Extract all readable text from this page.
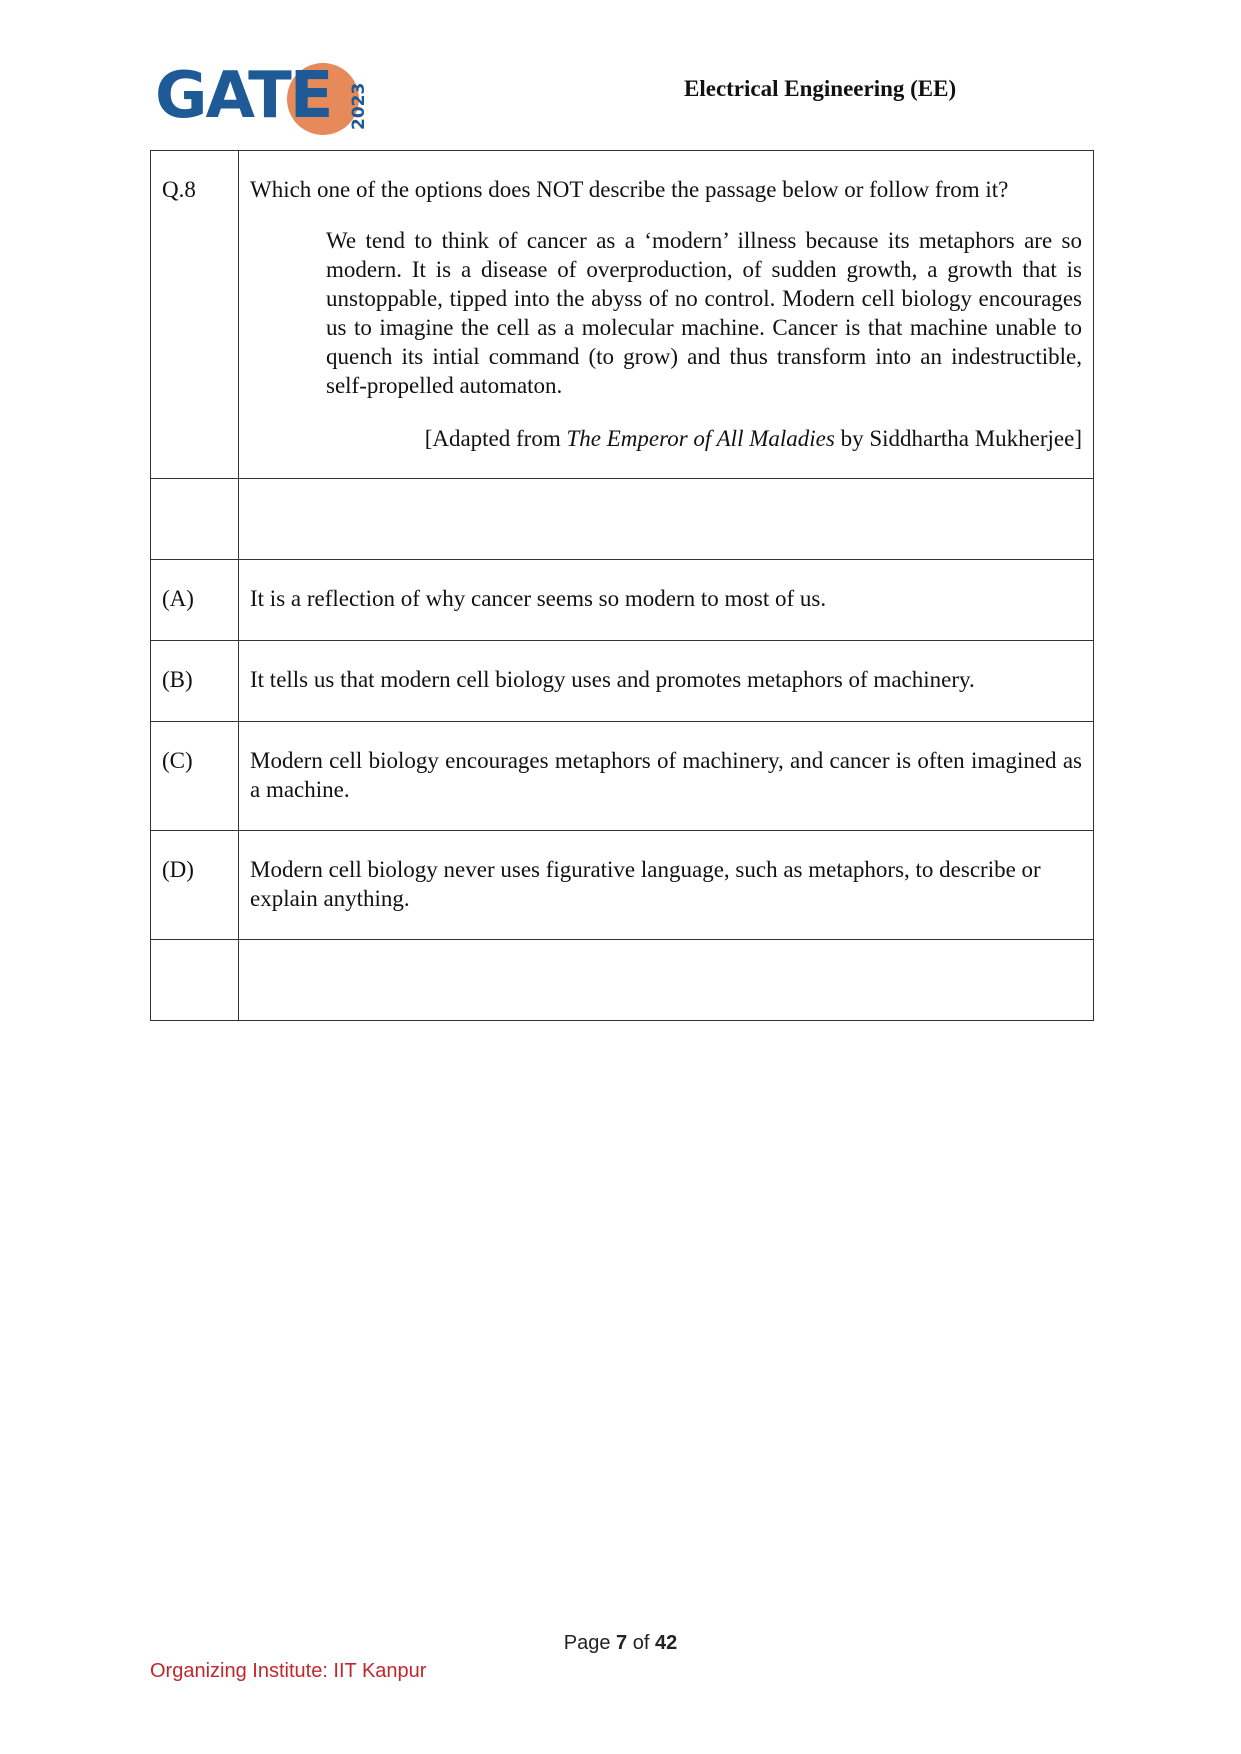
GATE 2023	Electrical Engineering (EE)
Q.8	Which one of the options does NOT describe the passage below or follow from it?
We tend to think of cancer as a ‘modern’ illness because its metaphors are so modern. It is a disease of overproduction, of sudden growth, a growth that is unstoppable, tipped into the abyss of no control. Modern cell biology encourages us to imagine the cell as a molecular machine. Cancer is that machine unable to quench its intial command (to grow) and thus transform into an indestructible, self-propelled automaton.
[Adapted from The Emperor of All Maladies by Siddhartha Mukherjee]

(A)	It is a reflection of why cancer seems so modern to most of us.
(B)	It tells us that modern cell biology uses and promotes metaphors of machinery.
(C)	Modern cell biology encourages metaphors of machinery, and cancer is often imagined as a machine.
(D)	Modern cell biology never uses figurative language, such as metaphors, to describe or explain anything.

Page 7 of 42
Organizing Institute: IIT Kanpur
